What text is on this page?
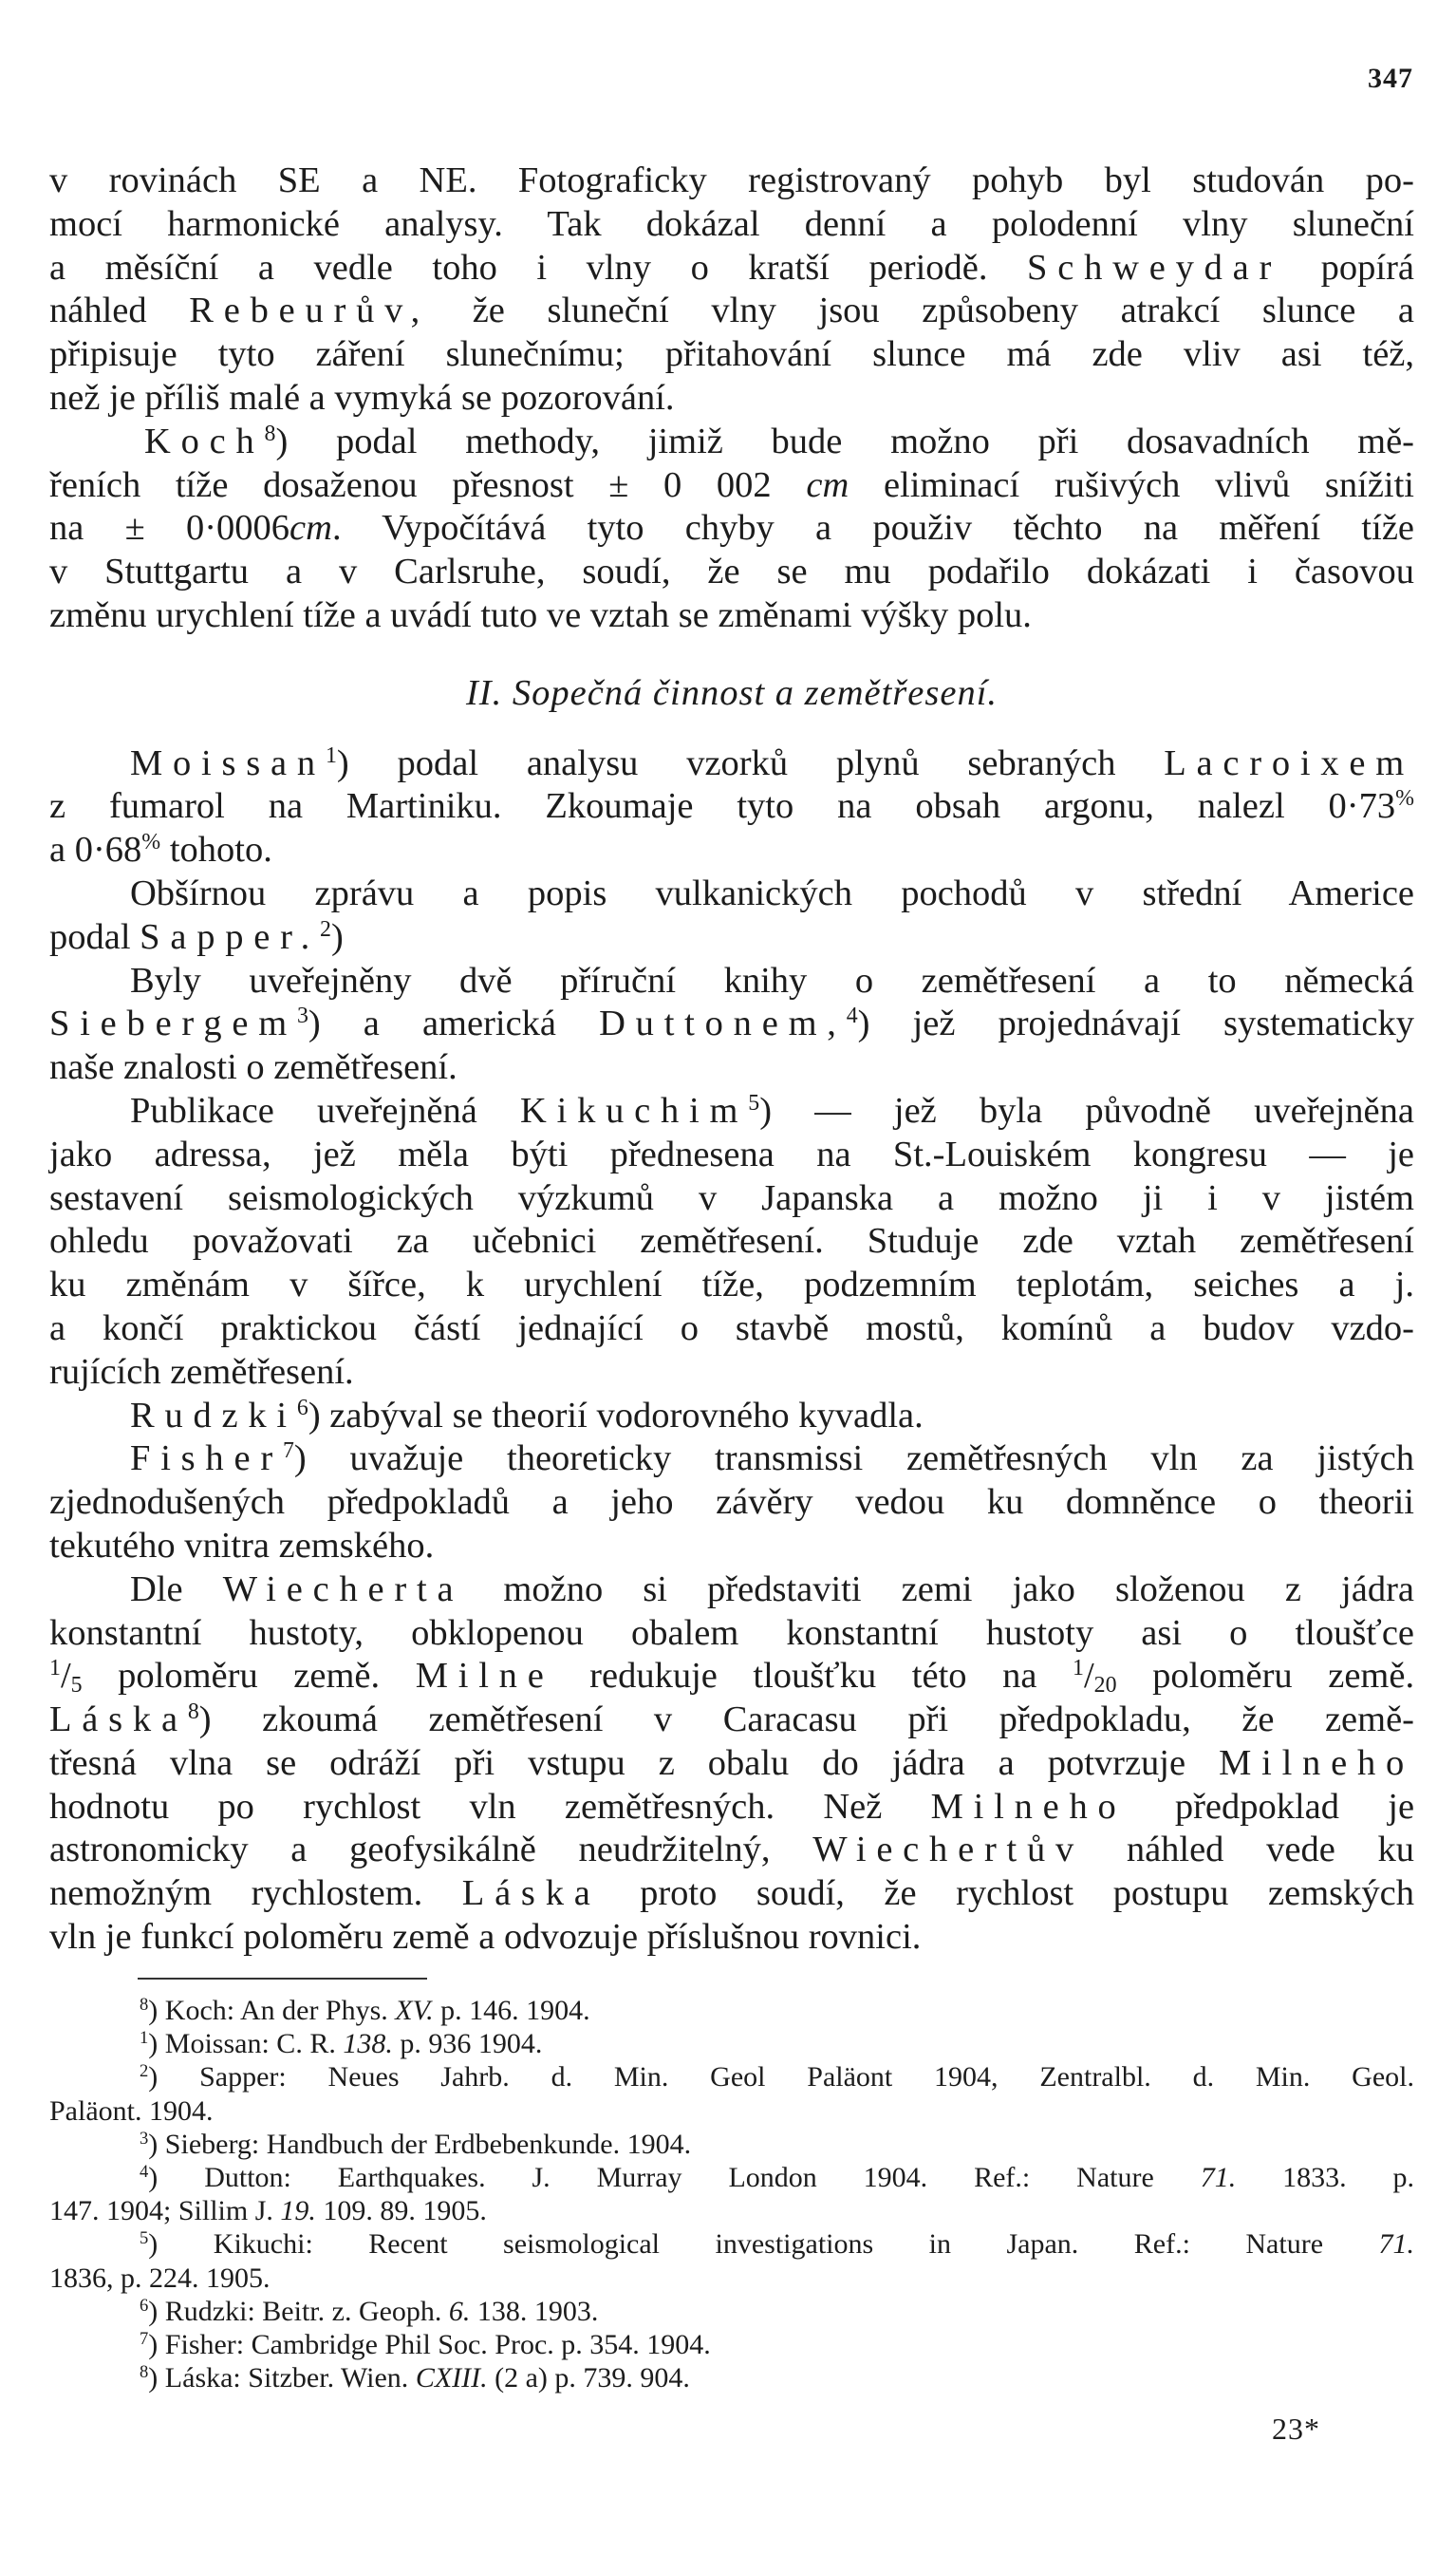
347
v rovinách SE a NE. Fotograficky registrovaný pohyb byl studován po-
mocí harmonické analysy. Tak dokázal denní a polodenní vlny sluneční
a měsíční a vedle toho i vlny o kratší periodě. Schweydar popírá
náhled Rebeurův, že sluneční vlny jsou způsobeny atrakcí slunce a
připisuje tyto záření slunečnímu; přitahování slunce má zde vliv asi též,
než je příliš malé a vymyká se pozorování.
Koch$^8$) podal methody, jimiž bude možno při dosavadních mě-
řeních tíže dosaženou přesnost ± 0 002 cm eliminací rušivých vlivů snížiti
na ± 0·0006cm. Vypočítává tyto chyby a použiv těchto na měření tíže
v Stuttgartu a v Carlsruhe, soudí, že se mu podařilo dokázati i časovou
změnu urychlení tíže a uvádí tuto ve vztah se změnami výšky polu.
II. Sopečná činnost a zemětřesení.
Moissan$^1$) podal analysu vzorků plynů sebraných Lacroixem
z fumarol na Martiniku. Zkoumaje tyto na obsah argonu, nalezl 0·73%
a 0·68% tohoto.
Obšírnou zprávu a popis vulkanických pochodů v střední Americe
podal Sapper.$^2$)
Byly uveřejněny dvě příruční knihy o zemětřesení a to německá
Siebergem$^3$) a americká Duttonem,$^4$) jež projednávají systematicky
naše znalosti o zemětřesení.
Publikace uveřejněná Kikuchim$^5$) — jež byla původně uveřejněna
jako adressa, jež měla býti přednesena na St.-Louiském kongresu — je
sestavení seismologických výzkumů v Japanska a možno ji i v jistém
ohledu považovati za učebnici zemětřesení. Studuje zde vztah zemětřesení
ku změnám v šířce, k urychlení tíže, podzemním teplotám, seiches a j.
a končí praktickou částí jednající o stavbě mostů, komínů a budov vzdo-
rujících zemětřesení.
Rudzki$^6$) zabýval se theorií vodorovného kyvadla.
Fisher$^7$) uvažuje theoreticky transmissi zemětřesných vln za jistých
zjednodušených předpokladů a jeho závěry vedou ku domněnce o theorii
tekutého vnitra zemského.
Dle Wiecherta možno si představiti zemi jako složenou z jádra
konstantní hustoty, obklopenou obalem konstantní hustoty asi o tloušťce
$^1/_5$ poloměru země. Milne redukuje tloušťku této na $^1/_{20}$ poloměru země.
Láska$^8$) zkoumá zemětřesení v Caracasu při předpokladu, že země-
třesná vlna se odráží při vstupu z obalu do jádra a potvrzuje Milneho
hodnotu po rychlost vln zemětřesných. Než Milneho předpoklad je
astronomicky a geofysikálně neudržitelný, Wiechertův náhled vede ku
nemožným rychlostem. Láska proto soudí, že rychlost postupu zemských
vln je funkcí poloměru země a odvozuje příslušnou rovnici.
$^8$) Koch: An der Phys. XV. p. 146. 1904.
$^1$) Moissan: C. R. 138. p. 936 1904.
$^2$) Sapper: Neues Jahrb. d. Min. Geol Paläont 1904, Zentralbl. d. Min. Geol.
Paläont. 1904.
$^3$) Sieberg: Handbuch der Erdbebenkunde. 1904.
$^4$) Dutton: Earthquakes. J. Murray London 1904. Ref.: Nature 71. 1833. p.
147. 1904; Sillim J. 19. 109. 89. 1905.
$^5$) Kikuchi: Recent seismological investigations in Japan. Ref.: Nature 71.
1836, p. 224. 1905.
$^6$) Rudzki: Beitr. z. Geoph. 6. 138. 1903.
$^7$) Fisher: Cambridge Phil Soc. Proc. p. 354. 1904.
$^8$) Láska: Sitzber. Wien. CXIII. (2 a) p. 739. 904.
23*
